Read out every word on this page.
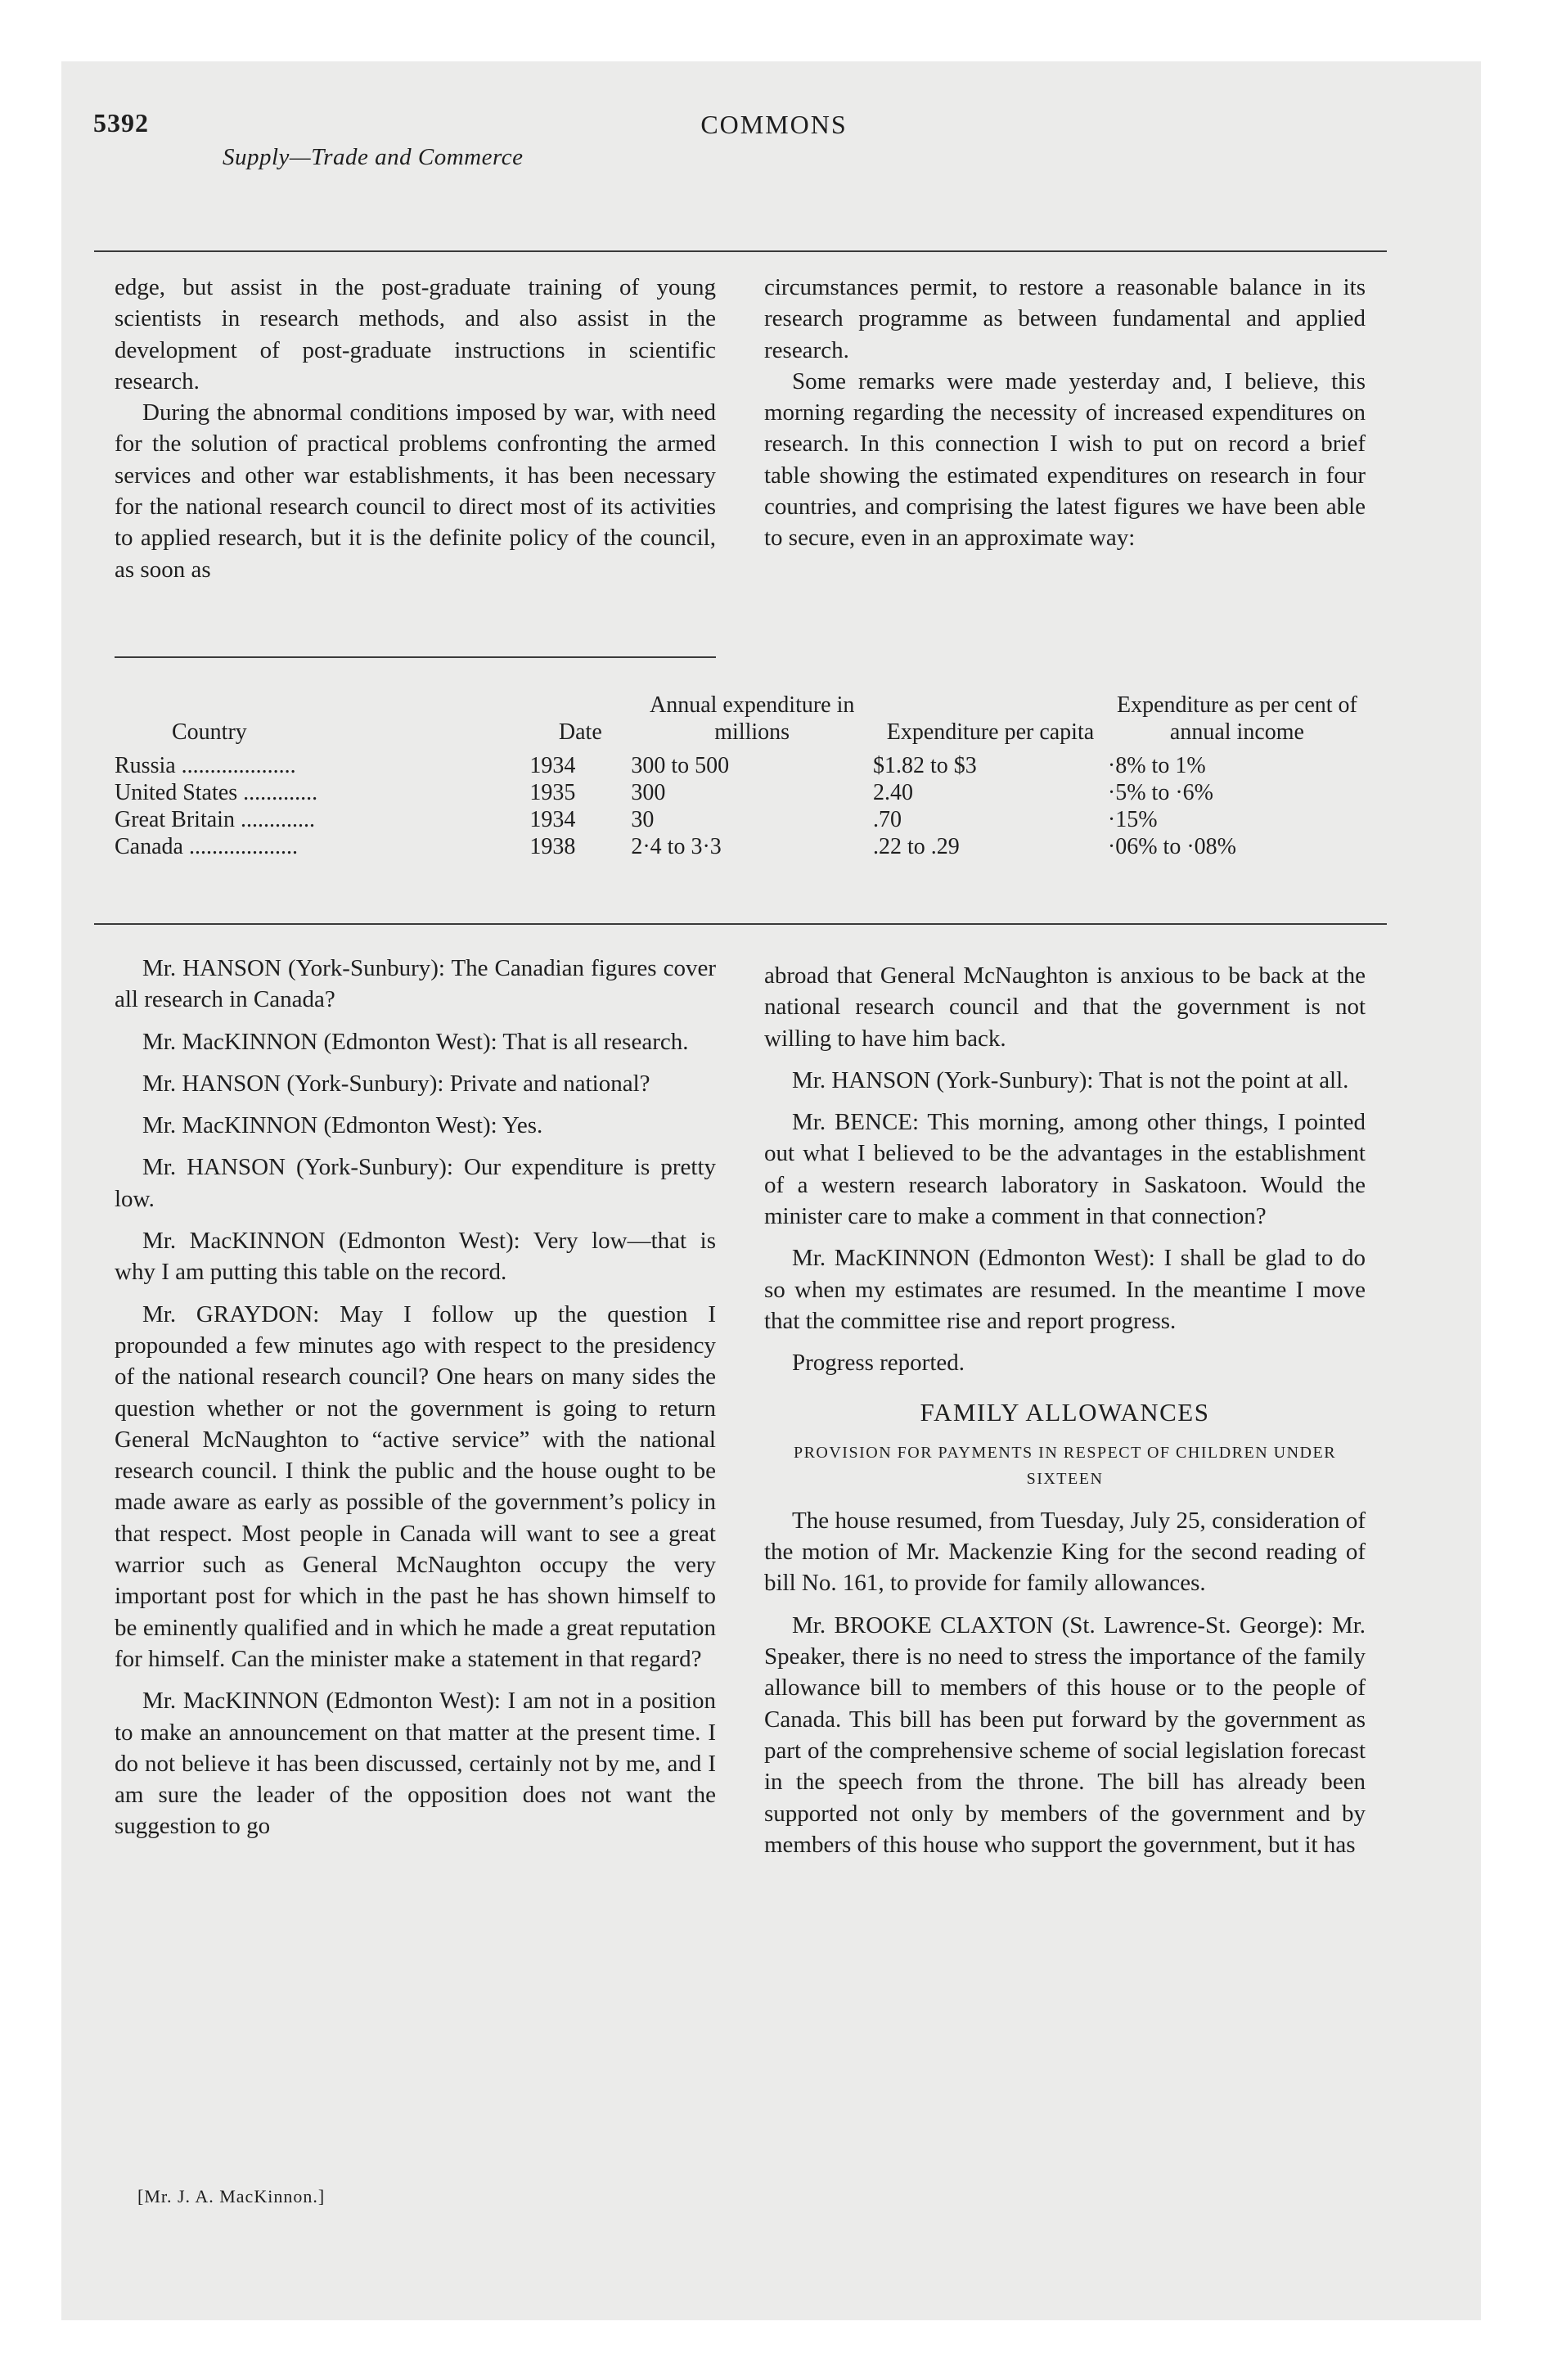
5392	COMMONS
Supply—Trade and Commerce

edge, but assist in the post-graduate training of young scientists in research methods, and also assist in the development of post-graduate instructions in scientific research.

During the abnormal conditions imposed by war, with need for the solution of practical problems confronting the armed services and other war establishments, it has been necessary for the national research council to direct most of its activities to applied research, but it is the definite policy of the council, as soon as

circumstances permit, to restore a reasonable balance in its research programme as between fundamental and applied research.

Some remarks were made yesterday and, I believe, this morning regarding the necessity of increased expenditures on research. In this connection I wish to put on record a brief table showing the estimated expenditures on research in four countries, and comprising the latest figures we have been able to secure, even in an approximate way:

Country	Date	Annual expenditure in millions	Expenditure per capita	Expenditure as per cent of annual income
Russia ....................	1934	300 to 500	$1.82 to $3	·8% to 1%
United States .............	1935	300	2.40	·5% to ·6%
Great Britain .............	1934	30	.70	·15%
Canada ...................	1938	2·4 to 3·3	.22 to .29	·06% to ·08%

Mr. HANSON (York-Sunbury): The Canadian figures cover all research in Canada?

Mr. MacKINNON (Edmonton West): That is all research.

Mr. HANSON (York-Sunbury): Private and national?

Mr. MacKINNON (Edmonton West): Yes.

Mr. HANSON (York-Sunbury): Our expenditure is pretty low.

Mr. MacKINNON (Edmonton West): Very low—that is why I am putting this table on the record.

Mr. GRAYDON: May I follow up the question I propounded a few minutes ago with respect to the presidency of the national research council? One hears on many sides the question whether or not the government is going to return General McNaughton to “active service” with the national research council. I think the public and the house ought to be made aware as early as possible of the government’s policy in that respect. Most people in Canada will want to see a great warrior such as General McNaughton occupy the very important post for which in the past he has shown himself to be eminently qualified and in which he made a great reputation for himself. Can the minister make a statement in that regard?

Mr. MacKINNON (Edmonton West): I am not in a position to make an announcement on that matter at the present time. I do not believe it has been discussed, certainly not by me, and I am sure the leader of the opposition does not want the suggestion to go

abroad that General McNaughton is anxious to be back at the national research council and that the government is not willing to have him back.

Mr. HANSON (York-Sunbury): That is not the point at all.

Mr. BENCE: This morning, among other things, I pointed out what I believed to be the advantages in the establishment of a western research laboratory in Saskatoon. Would the minister care to make a comment in that connection?

Mr. MacKINNON (Edmonton West): I shall be glad to do so when my estimates are resumed. In the meantime I move that the committee rise and report progress.

Progress reported.

FAMILY ALLOWANCES
PROVISION FOR PAYMENTS IN RESPECT OF CHILDREN UNDER SIXTEEN

The house resumed, from Tuesday, July 25, consideration of the motion of Mr. Mackenzie King for the second reading of bill No. 161, to provide for family allowances.

Mr. BROOKE CLAXTON (St. Lawrence-St. George): Mr. Speaker, there is no need to stress the importance of the family allowance bill to members of this house or to the people of Canada. This bill has been put forward by the government as part of the comprehensive scheme of social legislation forecast in the speech from the throne. The bill has already been supported not only by members of the government and by members of this house who support the government, but it has

[Mr. J. A. MacKinnon.]
